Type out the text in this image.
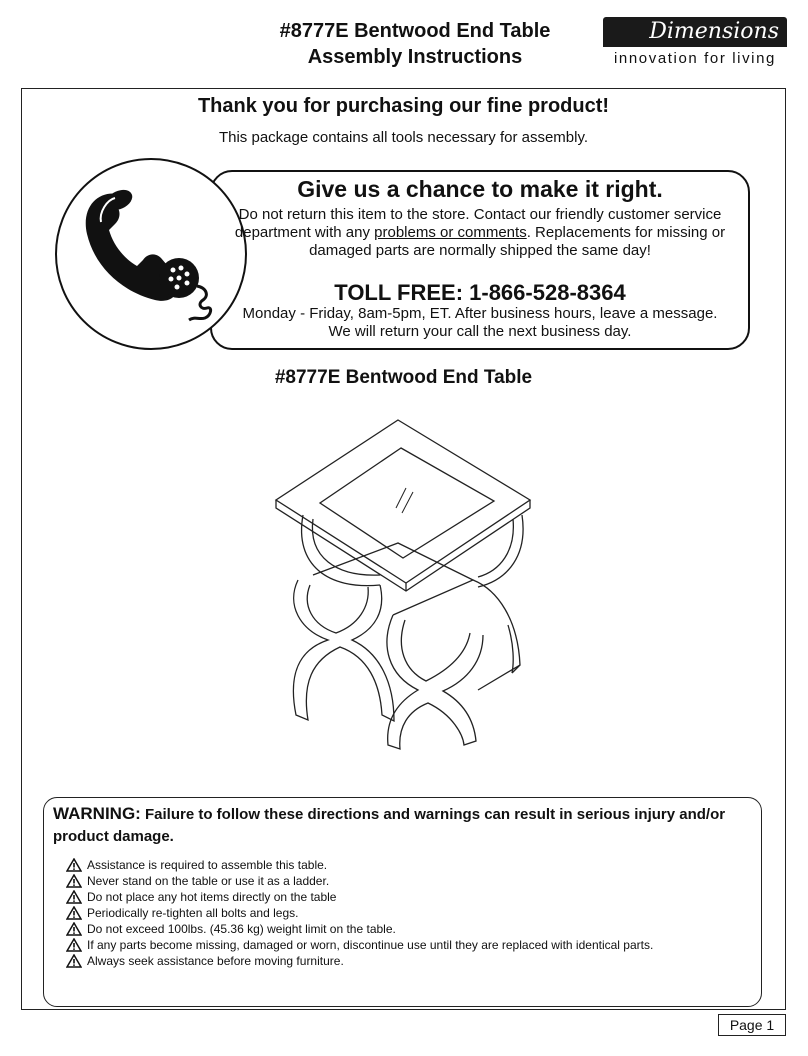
#8777E Bentwood End Table
Assembly Instructions
Dimensions
innovation for living
Thank you for purchasing our fine product!
This package contains all tools necessary for assembly.
Give us a chance to make it right.
Do not return this item to the store. Contact our friendly customer service department with any problems or comments. Replacements for missing or damaged parts are normally shipped the same day!
TOLL FREE: 1-866-528-8364
Monday - Friday, 8am-5pm, ET. After business hours, leave a message.
We will return your call the next business day.
#8777E Bentwood End Table
WARNING: Failure to follow these directions and warnings can result in serious injury and/or product damage.
Assistance is required to assemble this table.
Never stand on the table or use it as a ladder.
Do not place any hot items directly on the table
Periodically re-tighten all bolts and legs.
Do not exceed 100lbs. (45.36 kg) weight limit on the table.
If any parts become missing, damaged or worn, discontinue use until they are replaced with identical parts.
Always seek assistance before moving furniture.
Page 1
